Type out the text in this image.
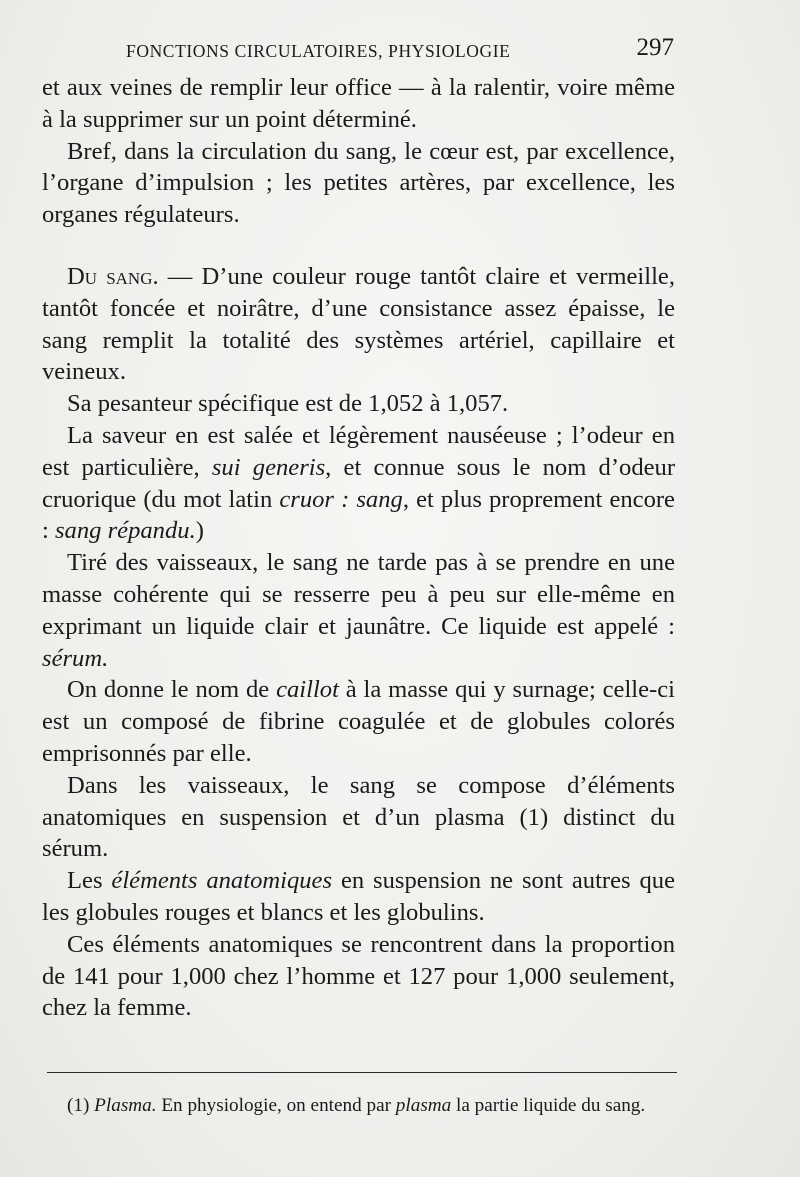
FONCTIONS CIRCULATOIRES, PHYSIOLOGIE	297

et aux veines de remplir leur office — à la ralentir, voire même à la supprimer sur un point déterminé.

Bref, dans la circulation du sang, le cœur est, par excellence, l’organe d’impulsion ; les petites artères, par excellence, les organes régulateurs.

Du sang. — D’une couleur rouge tantôt claire et vermeille, tantôt foncée et noirâtre, d’une consistance assez épaisse, le sang remplit la totalité des systèmes artériel, capillaire et veineux.

Sa pesanteur spécifique est de 1,052 à 1,057.

La saveur en est salée et légèrement nauséeuse ; l’odeur en est particulière, sui generis, et connue sous le nom d’odeur cruorique (du mot latin cruor : sang, et plus proprement encore : sang répandu.)

Tiré des vaisseaux, le sang ne tarde pas à se prendre en une masse cohérente qui se resserre peu à peu sur elle-même en exprimant un liquide clair et jaunâtre. Ce liquide est appelé : sérum.

On donne le nom de caillot à la masse qui y surnage; celle-ci est un composé de fibrine coagulée et de globules colorés emprisonnés par elle.

Dans les vaisseaux, le sang se compose d’éléments anatomiques en suspension et d’un plasma (1) distinct du sérum.

Les éléments anatomiques en suspension ne sont autres que les globules rouges et blancs et les globulins.

Ces éléments anatomiques se rencontrent dans la proportion de 141 pour 1,000 chez l’homme et 127 pour 1,000 seulement, chez la femme.

(1) Plasma. En physiologie, on entend par plasma la partie liquide du sang.
